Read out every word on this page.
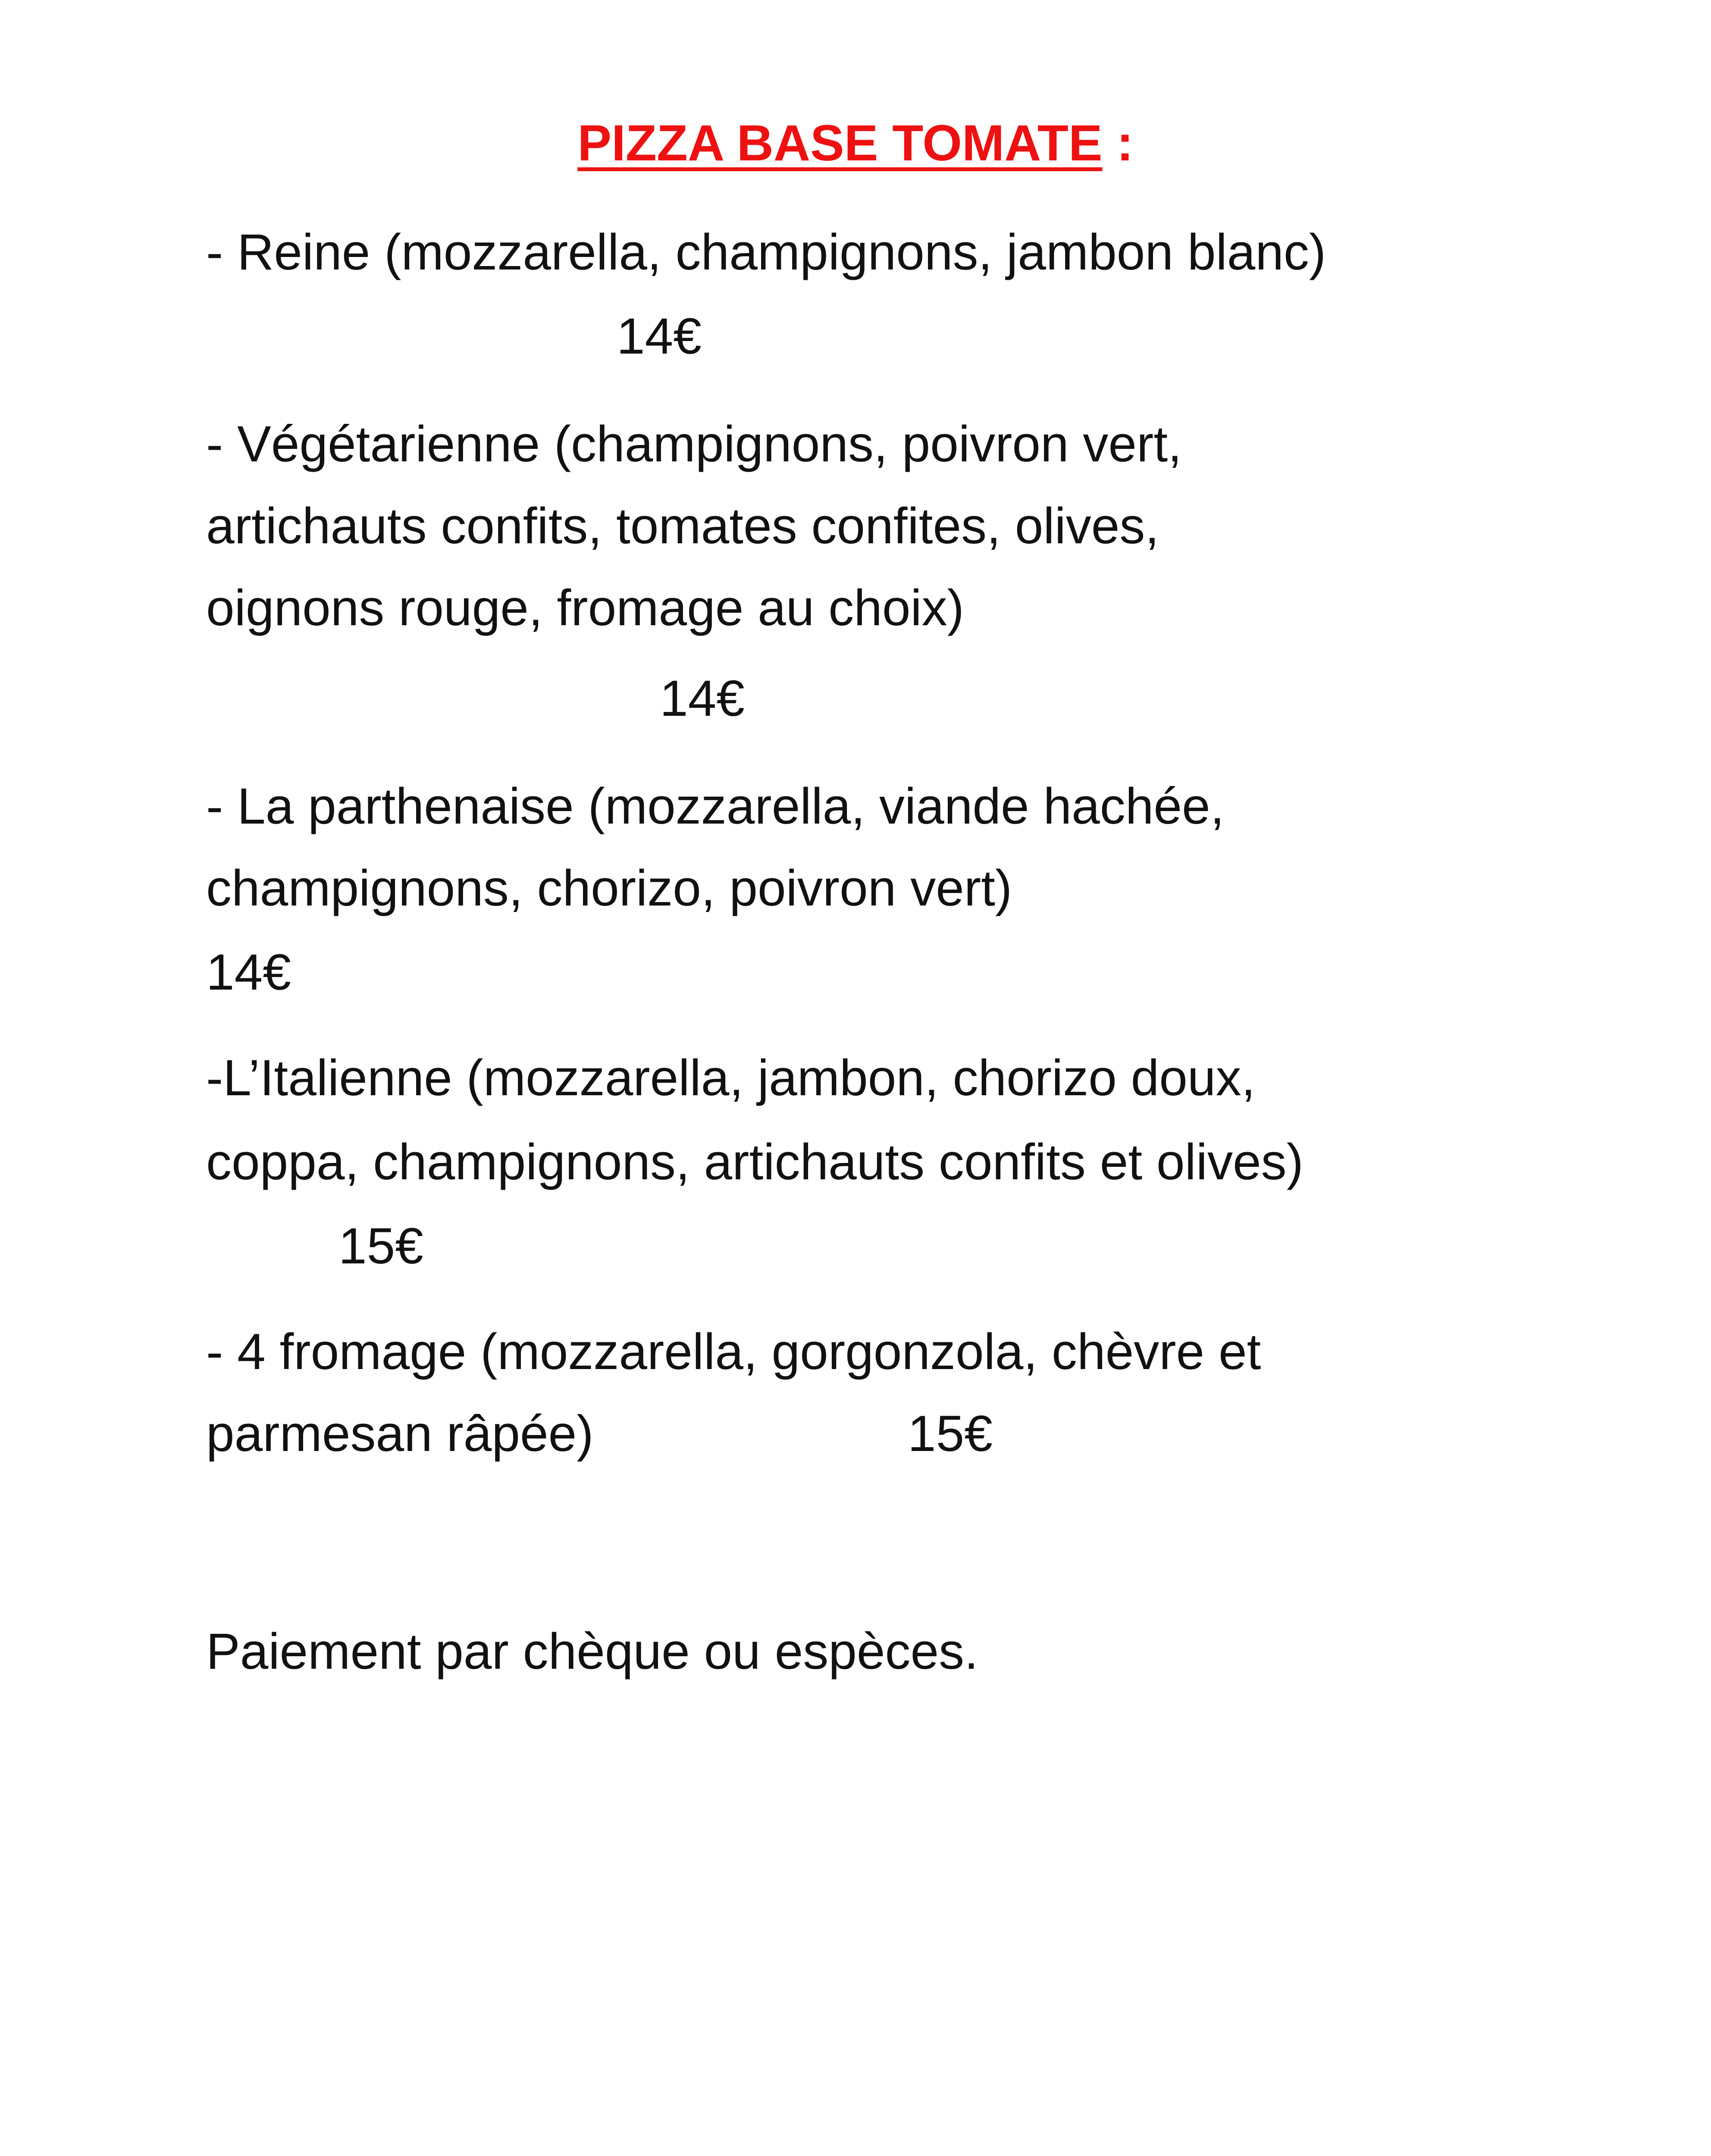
PIZZA BASE TOMATE :
- Reine (mozzarella, champignons, jambon blanc)
14€
- Végétarienne (champignons, poivron vert,
artichauts confits, tomates confites, olives,
oignons rouge, fromage au choix)
14€
- La parthenaise (mozzarella, viande hachée,
champignons, chorizo, poivron vert)
14€
-L’Italienne (mozzarella, jambon, chorizo doux,
coppa, champignons, artichauts confits et olives)
15€
- 4 fromage (mozzarella, gorgonzola, chèvre et
parmesan râpée)	15€
Paiement par chèque ou espèces.
